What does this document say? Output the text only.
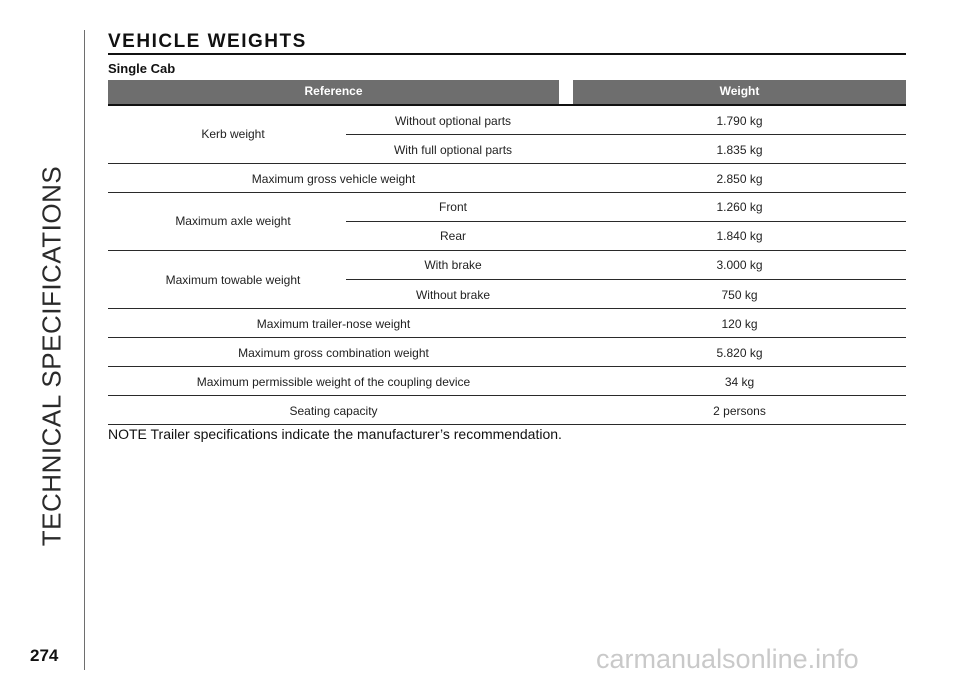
TECHNICAL SPECIFICATIONS
VEHICLE WEIGHTS
Single Cab
Reference	Weight
Kerb weight
Without optional parts	1.790 kg
With full optional parts	1.835 kg
Maximum gross vehicle weight	2.850 kg
Maximum axle weight
Front	1.260 kg
Rear	1.840 kg
Maximum towable weight
With brake	3.000 kg
Without brake	750 kg
Maximum trailer-nose weight	120 kg
Maximum gross combination weight	5.820 kg
Maximum permissible weight of the coupling device	34 kg
Seating capacity	2 persons
NOTE Trailer specifications indicate the manufacturer’s recommendation.
274	carmanualsonline.info
